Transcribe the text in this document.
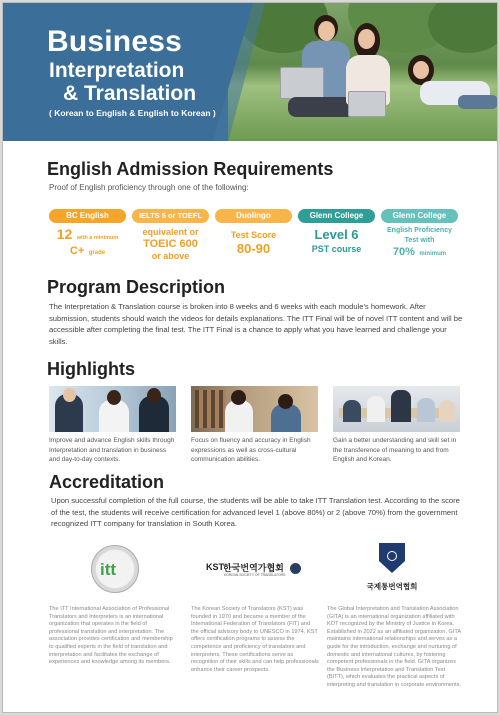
Business
Interpretation
& Translation
( Korean to English & English to Korean )
English Admission Requirements
Proof of English proficiency through one of the following:
BC English
12 with a minimum
C+ grade
IELTS 5 or TOEFL
equivalent or
TOEIC 600
or above
Duolingo
Test Score
80-90
Glenn College
Level 6
PST course
Glenn College
English Proficiency
Test with
70% minimum
Program Description
The Interpretation & Translation course is broken into 8 weeks and 6 weeks with each module's homework. After submission, students should watch the videos for details explanations. The ITT Final will be of novel ITT content and will be accessible after completing the final test. The ITT Final is a chance to apply what you have learned and challenge your skills.
Highlights
Improve and advance English skills through Interpretation and translation in business and day-to-day contexts.
Focus on fluency and accuracy in English expressions as well as cross-cultural communication abilities.
Gain a better understanding and skill set in the transference of meaning to and from English and Korean.
Accreditation
Upon successful completion of the full course, the students will be able to take ITT Translation test. According to the score of the test, the students will receive certification for advanced level 1 (above 80%) or 2 (above 70%) from the government recognized ITT company for translation in South Korea.
itt	KST 한국번역가협회
KOREAN SOCIETY OF TRANSLATORS
국제통번역협회
The ITT International Association of Professional Translators and Interpreters is an international organization that operates in the field of professional translation and interpretation. The association provides certification and membership to qualified experts in the field of translation and interpretation and facilitates the exchange of experiences and knowledge among its members.
The Korean Society of Translators (KST) was founded in 1970 and became a member of the International Federation of Translators (FIT) and the official advisory body to UNESCO in 1974. KST offers certification programs to assess the competence and proficiency of translators and interpreters. These certifications serve as recognition of their skills and can help professionals enhance their career prospects.
The Global Interpretation and Translation Association (GITA) is an international organization affiliated with KOT recognized by the Ministry of Justice in Korea. Established in 2022 as an affiliated organization, GITA maintains international relationships and serves as a guide for the introduction, exchange and nurturing of domestic and international cultures, by fostering competent professionals in the field. GITA organizes the Business Interpretation and Translation Test (BITT), which evaluates the practical aspects of interpreting and translation in corporate environments.
